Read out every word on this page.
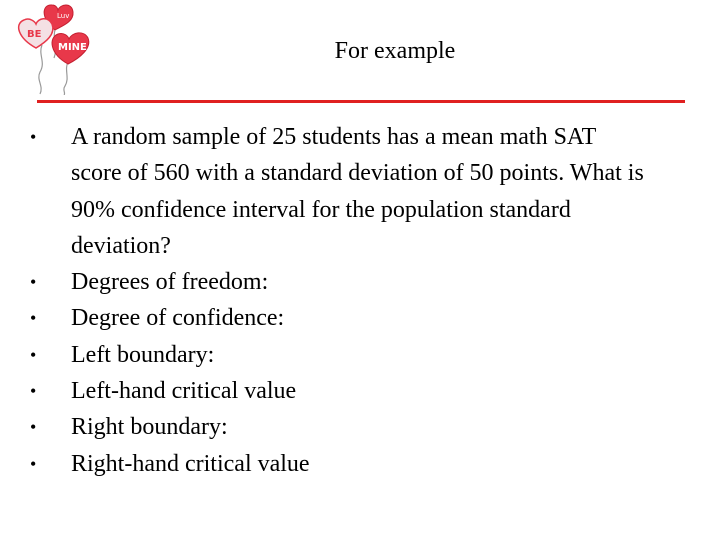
Luv
BE
MINE	For example
•	A random sample of 25 students has a mean math SAT score of 560 with a standard deviation of 50 points. What is 90% confidence interval for the population standard deviation?
•	Degrees of freedom:
•	Degree of confidence:
•	Left boundary:
•	Left-hand critical value
•	Right boundary:
•	Right-hand critical value
